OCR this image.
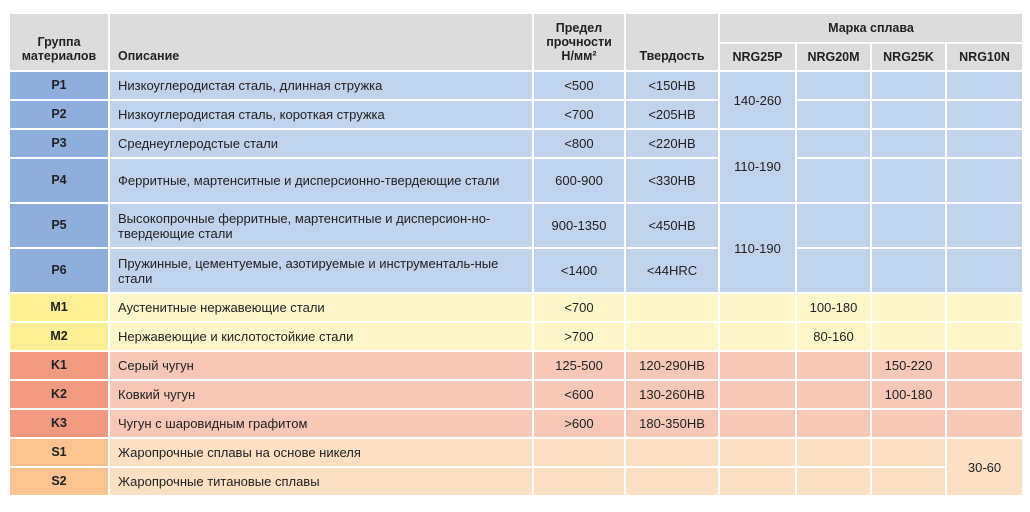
Группа материалов	Описание	Предел прочности Н/мм²	Твердость	Марка сплава			
				NRG25P	NRG20M	NRG25K	NRG10N
P1	Низкоуглеродистая сталь, длинная стружка	<500	<150HB	140-260			
P2	Низкоуглеродистая сталь, короткая стружка	<700	<205HB				
P3	Среднеуглеродстые стали	<800	<220HB	110-190			
P4	Ферритные, мартенситные и дисперсионно-твердеющие стали	600-900	<330HB				
P5	Высокопрочные ферритные, мартенситные и дисперсион-но-твердеющие стали	900-1350	<450HB	110-190			
P6	Пружинные, цементуемые, азотируемые и инструменталь-ные стали	<1400	<44HRC				
M1	Аустенитные нержавеющие стали	<700			100-180		
M2	Нержавеющие и кислотостойкие стали	>700			80-160		
K1	Серый чугун	125-500	120-290HB			150-220	
K2	Ковкий чугун	<600	130-260HB			100-180	
K3	Чугун с шаровидным графитом	>600	180-350HB				
S1	Жаропрочные сплавы на основе никеля						30-60
S2	Жаропрочные титановые сплавы						
